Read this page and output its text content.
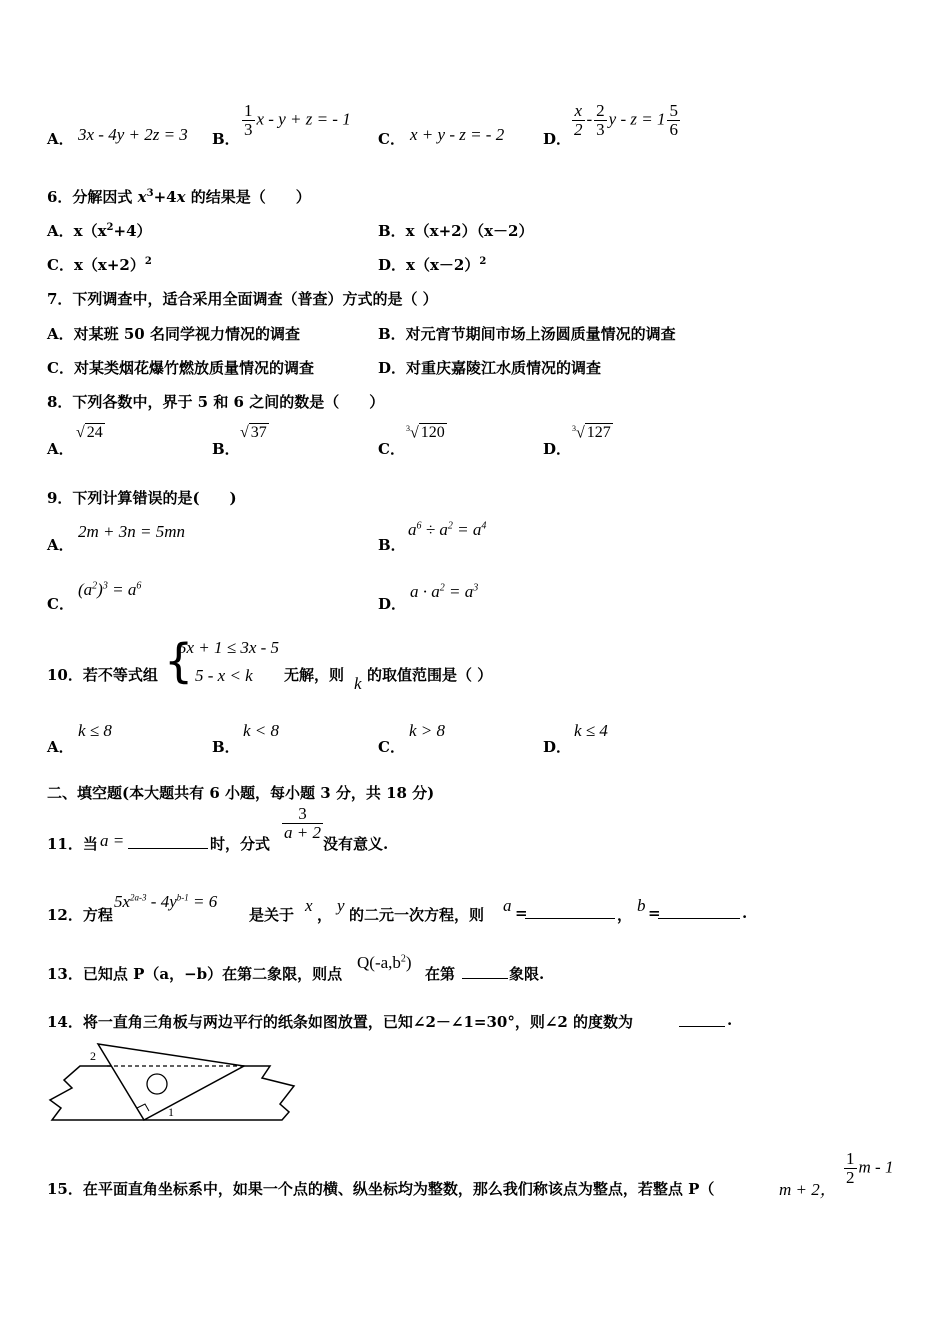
A． 3x - 4y + 2z = 3 B．
$\frac{1}{3}$ x - y + z = - 1
C． x + y - z = - 2	D．
$\frac{x}{2} - \frac{2}{3}$ $y - z = 1 \frac{5}{6}$
6．分解因式 $x^3+4x$ 的结果是（　　）
A．$x(x^2+4)$	B．x（x+2）（x－2）
C．$x(x+2)^2$	D．$x(x-2)^2$
7．下列调查中，适合采用全面调查（普查）方式的是（ ）
A．对某班 50 名同学视力情况的调查	B．对元宵节期间市场上汤圆质量情况的调查
C．对某类烟花爆竹燃放质量情况的调查	D．对重庆嘉陵江水质情况的调查
8．下列各数中，界于 5 和 6 之间的数是（　　）
A．
√ 24
B．
√ 37
C．
$^3$√ 120
D．
$^3$√ 127
9．下列计算错误的是(　　)
A．
2m + 3n = 5mn
B．
$a^6 \div a^2 = a^4$
C．
$(a^2)^3 = a^6$
D．
$a \cdot a^2 = a^3$
10．若不等式组 {
5x + 1 ≤ 3x - 5
5 - x < k 无解，则 k 的取值范围是（ ）
A．
k ≤ 8
B．
k < 8
C．
k > 8
D．
k ≤ 4
二、填空题(本大题共有 6 小题，每小题 3 分，共 18 分)
11．当 a =	时，分式
$\frac{3}{a + 2}$
没有意义.
12．方程
$5x^{2a-3} - 4y^{b-1} = 6$
是关于 x ， y 的二元一次方程，则 a =	， b =	.
13．已知点 P（a，−b）在第二象限，则点
$Q(-a,b^2)$
在第	象限.
14．将一直角三角板与两边平行的纸条如图放置，已知∠2－∠1=30°，则∠2 的度数为	.
2
1
15．在平面直角坐标系中，如果一个点的横、纵坐标均为整数，那么我们称该点为整点，若整点 P（	m + 2，
$\frac{1}{2}$ m - 1
